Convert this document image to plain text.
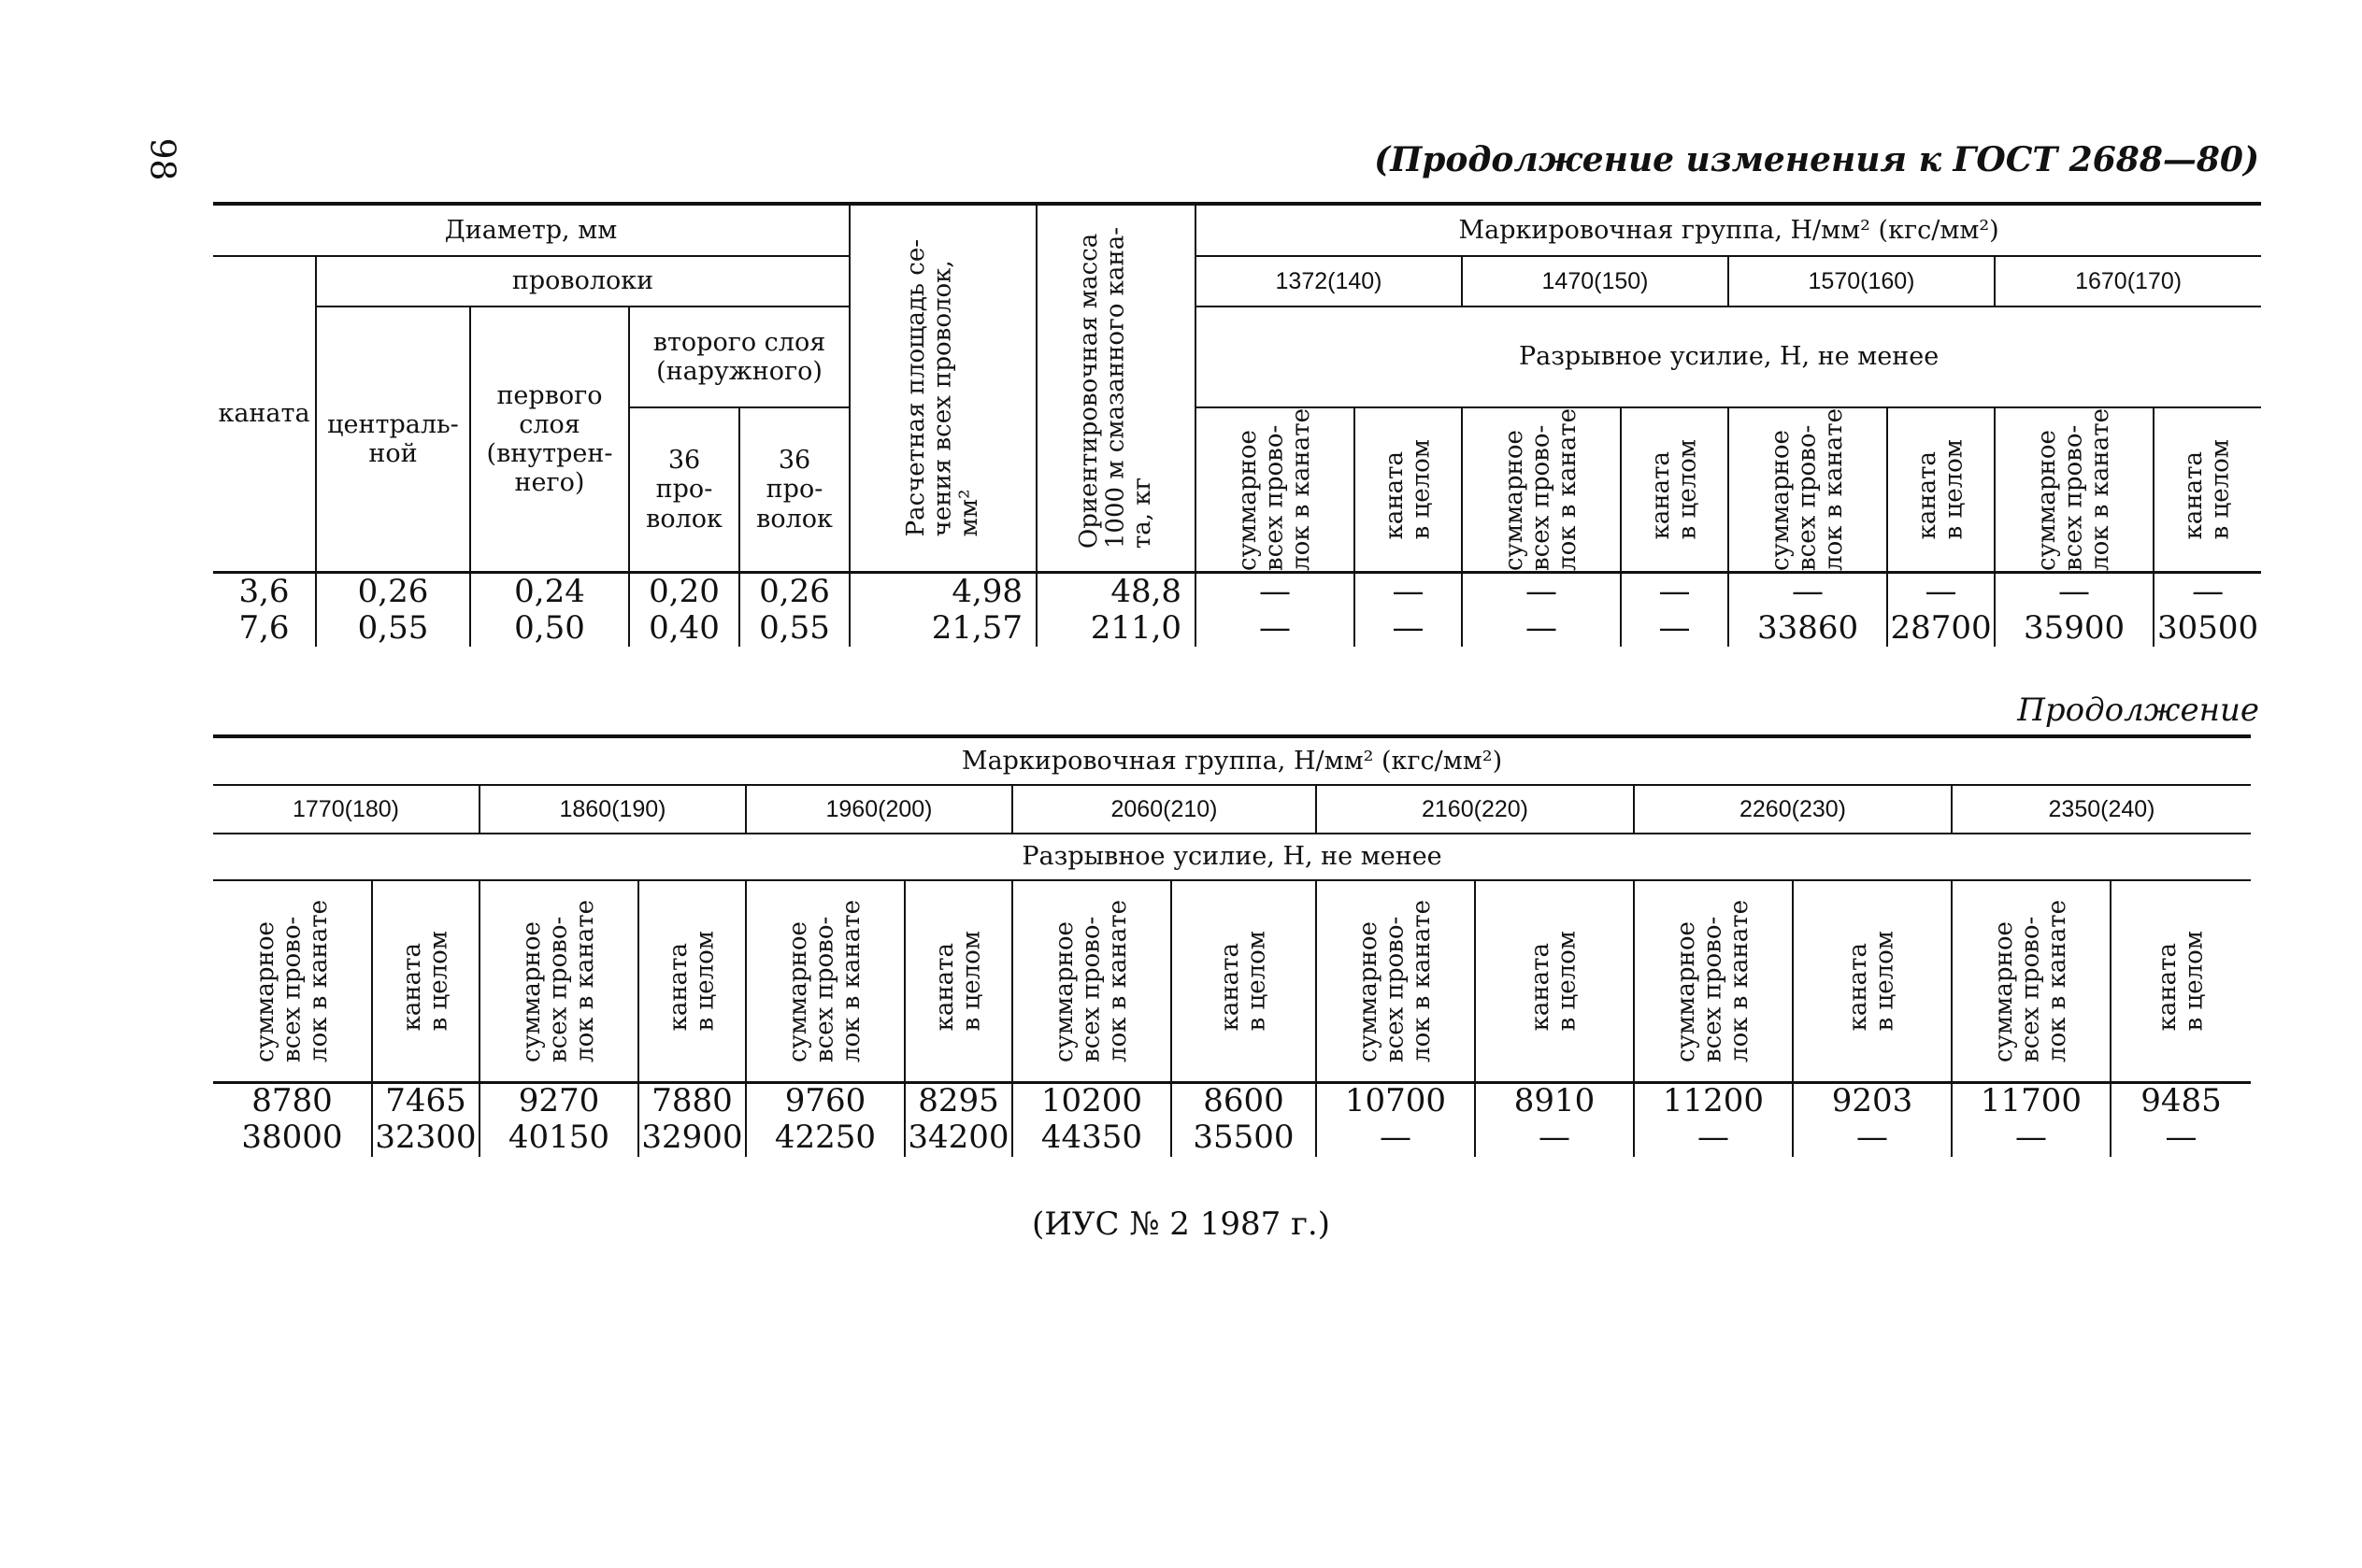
98	(Продолжение изменения к ГОСТ 2688—80)
Диаметр, мм					Расчетная площадь се-
чения всех проволок,
мм²	Ориентировочная масса
1000 м смазанного кана-
та, кг	Маркировочная группа, Н/мм² (кгс/мм²)							
каната	проволоки						1372(140)		1470(150)		1570(160)		1670(170)	
	централь-
ной	первого
слоя
(внутрен-
него)	второго слоя
(наружного)				Разрывное усилие, Н, не менее							
			36
про-
волок	36
про-
волок			суммарное
всех прово-
лок в канате	каната
в целом	суммарное
всех прово-
лок в канате	каната
в целом	суммарное
всех прово-
лок в канате	каната
в целом	суммарное
всех прово-
лок в канате	каната
в целом

3,6	0,26	0,24	0,20	0,26	4,98	48,8	—	—	—	—	—	—	—	—
7,6	0,55	0,50	0,40	0,55	21,57	211,0	—	—	—	—	33860	28700	35900	30500
Продолжение
Маркировочная группа, Н/мм² (кгс/мм²)													
1770(180)		1860(190)		1960(200)		2060(210)		2160(220)		2260(230)		2350(240)	
Разрывное усилие, Н, не менее													

суммарное
всех прово-
лок в канате	каната
в целом	суммарное
всех прово-
лок в канате	каната
в целом	суммарное
всех прово-
лок в канате	каната
в целом	суммарное
всех прово-
лок в канате	каната
в целом	суммарное
всех прово-
лок в канате	каната
в целом	суммарное
всех прово-
лок в канате	каната
в целом	суммарное
всех прово-
лок в канате	каната
в целом

8780	7465	9270	7880	9760	8295	10200	8600	10700	8910	11200	9203	11700	9485
38000	32300	40150	32900	42250	34200	44350	35500	—	—	—	—	—	—
(ИУС № 2 1987 г.)
